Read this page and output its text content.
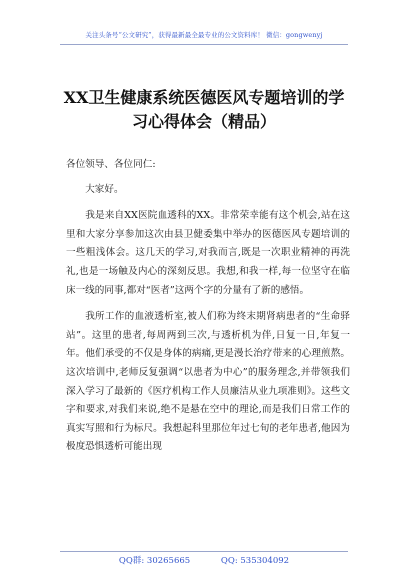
关注头条号“公文研究”，获得最新最全最专业的公文资料库！ 微信：gongwenyj
XX卫生健康系统医德医风专题培训的学
习心得体会（精品）

各位领导、各位同仁:

大家好。

我是来自XX医院血透科的XX。非常荣幸能有这个机会,站在这里和大家分享参加这次由县卫健委集中举办的医德医风专题培训的一些粗浅体会。这几天的学习,对我而言,既是一次职业精神的再洗礼,也是一场触及内心的深刻反思。我想,和我一样,每一位坚守在临床一线的同事,都对“医者”这两个字的分量有了新的感悟。

我所工作的血液透析室,被人们称为终末期肾病患者的“生命驿站”。这里的患者,每周两到三次,与透析机为伴,日复一日,年复一年。他们承受的不仅是身体的病痛,更是漫长治疗带来的心理煎熬。这次培训中,老师反复强调“以患者为中心”的服务理念,并带领我们深入学习了最新的《医疗机构工作人员廉洁从业九项准则》。这些文字和要求,对我们来说,绝不是悬在空中的理论,而是我们日常工作的真实写照和行为标尺。我想起科里那位年过七旬的老年患者,他因为极度恐惧透析可能出现

QQ群: 30265665	QQ: 535304092
